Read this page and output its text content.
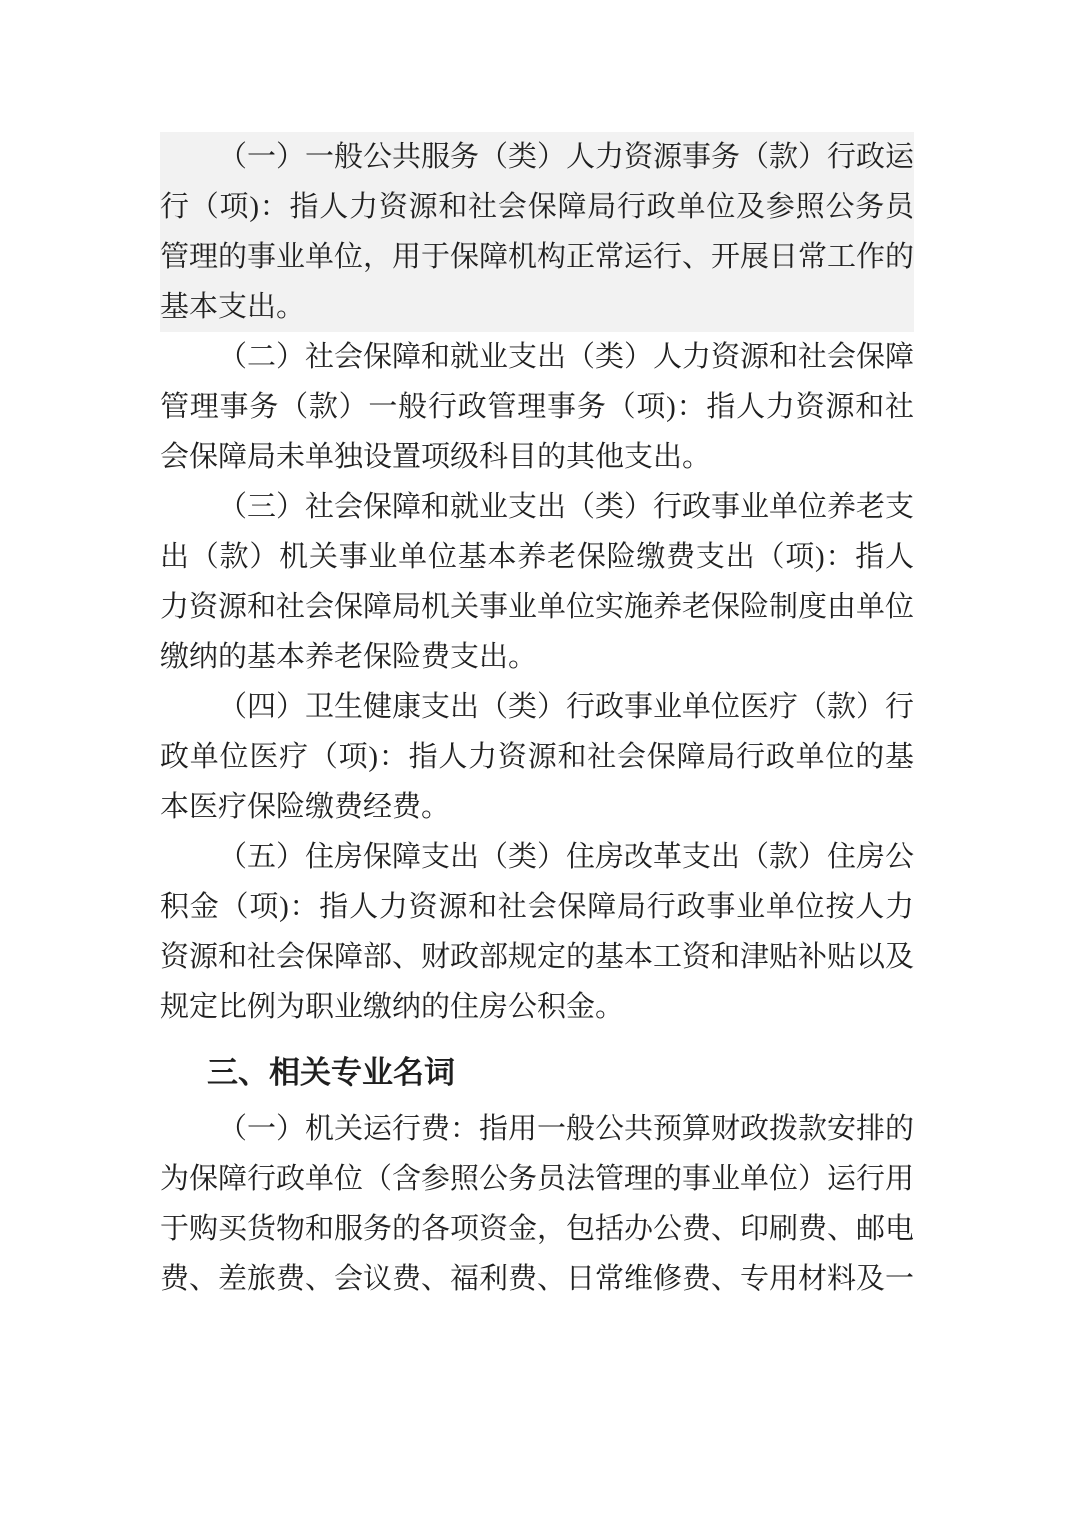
（一）一般公共服务（类）人力资源事务（款）行政运行（项)：指人力资源和社会保障局行政单位及参照公务员管理的事业单位，用于保障机构正常运行、开展日常工作的基本支出。

（二）社会保障和就业支出（类）人力资源和社会保障管理事务（款）一般行政管理事务（项)：指人力资源和社会保障局未单独设置项级科目的其他支出。

（三）社会保障和就业支出（类）行政事业单位养老支出（款）机关事业单位基本养老保险缴费支出（项)：指人力资源和社会保障局机关事业单位实施养老保险制度由单位缴纳的基本养老保险费支出。

（四）卫生健康支出（类）行政事业单位医疗（款）行政单位医疗（项)：指人力资源和社会保障局行政单位的基本医疗保险缴费经费。

（五）住房保障支出（类）住房改革支出（款）住房公积金（项)：指人力资源和社会保障局行政事业单位按人力资源和社会保障部、财政部规定的基本工资和津贴补贴以及规定比例为职业缴纳的住房公积金。

三、相关专业名词

（一）机关运行费：指用一般公共预算财政拨款安排的为保障行政单位（含参照公务员法管理的事业单位）运行用于购买货物和服务的各项资金，包括办公费、印刷费、邮电费、差旅费、会议费、福利费、日常维修费、专用材料及一
